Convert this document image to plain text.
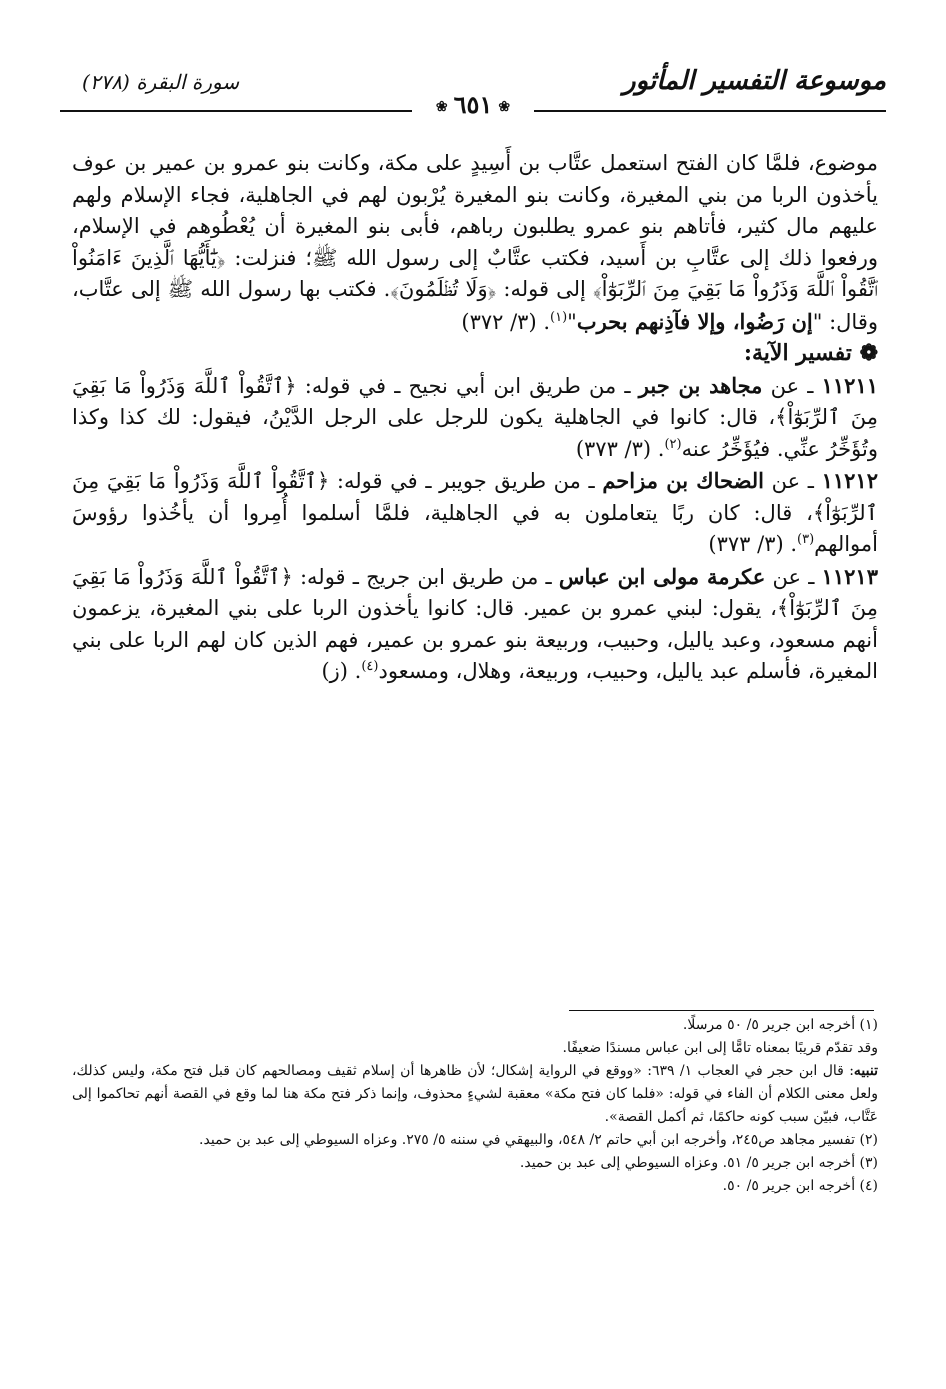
موسوعة التفسير المأثور
سورة البقرة (٢٧٨)
❀ ٦٥١ ❀

موضوع، فلمَّا كان الفتح استعمل عتَّاب بن أَسِيدٍ على مكة، وكانت بنو عمرو بن عمير بن عوف يأخذون الربا من بني المغيرة، وكانت بنو المغيرة يُرْبون لهم في الجاهلية، فجاء الإسلام ولهم عليهم مال كثير، فأتاهم بنو عمرو يطلبون رباهم، فأبى بنو المغيرة أن يُعْطُوهم في الإسلام، ورفعوا ذلك إلى عتَّابِ بن أَسيد، فكتب عتَّابٌ إلى رسول الله ﷺ؛ فنزلت: ﴿يَٰٓأَيُّهَا ٱلَّذِينَ ءَامَنُواْ ٱتَّقُواْ ٱللَّهَ وَذَرُواْ مَا بَقِيَ مِنَ ٱلرِّبَوٰٓاْ﴾ إلى قوله: ﴿وَلَا تُظۡلَمُونَ﴾. فكتب بها رسول الله ﷺ إلى عتَّاب، وقال: "إن رَضُوا، وإلا فآذِنهم بحرب"$^{(١)}$. (٣/ ٣٧٢)

❁ تفسير الآية:

١١٢١١ ـ عن مجاهد بن جبر ـ من طريق ابن أبي نجيح ـ في قوله: ﴿ٱتَّقُواْ ٱللَّهَ وَذَرُواْ مَا بَقِيَ مِنَ ٱلرِّبَوٰٓاْ﴾، قال: كانوا في الجاهلية يكون للرجل على الرجل الدَّيْنُ، فيقول: لك كذا وكذا وتُؤَخِّرُ عنِّي. فيُؤَخِّرُ عنه$^{(٢)}$. (٣/ ٣٧٣)

١١٢١٢ ـ عن الضحاك بن مزاحم ـ من طريق جويبر ـ في قوله: ﴿ٱتَّقُواْ ٱللَّهَ وَذَرُواْ مَا بَقِيَ مِنَ ٱلرِّبَوٰٓاْ﴾، قال: كان ربًا يتعاملون به في الجاهلية، فلمَّا أسلموا أُمِروا أن يأخُذوا رؤوسَ أموالهم$^{(٣)}$. (٣/ ٣٧٣)

١١٢١٣ ـ عن عكرمة مولى ابن عباس ـ من طريق ابن جريج ـ قوله: ﴿ٱتَّقُواْ ٱللَّهَ وَذَرُواْ مَا بَقِيَ مِنَ ٱلرِّبَوٰٓاْ﴾، يقول: لبني عمرو بن عمير. قال: كانوا يأخذون الربا على بني المغيرة، يزعمون أنهم مسعود، وعبد ياليل، وحبيب، وربيعة بنو عمرو بن عمير، فهم الذين كان لهم الربا على بني المغيرة، فأسلم عبد ياليل، وحبيب، وربيعة، وهلال، ومسعود$^{(٤)}$. (ز)

(١) أخرجه ابن جرير ٥/ ٥٠ مرسلًا.

وقد تقدّم قريبًا بمعناه تامًّا إلى ابن عباس مسندًا ضعيفًا.

تنبيه: قال ابن حجر في العجاب ١/ ٦٣٩: «ووقع في الرواية إشكال؛ لأن ظاهرها أن إسلام ثقيف ومصالحهم كان قبل فتح مكة، وليس كذلك، ولعل معنى الكلام أن الفاء في قوله: «فلما كان فتح مكة» معقبة لشيءٍ محذوف، وإنما ذكر فتح مكة هنا لما وقع في القصة أنهم تحاكموا إلى عَتَّاب، فبيّن سبب كونه حاكمًا، ثم أكمل القصة».

(٢) تفسير مجاهد ص٢٤٥، وأخرجه ابن أبي حاتم ٢/ ٥٤٨، والبيهقي في سننه ٥/ ٢٧٥. وعزاه السيوطي إلى عبد بن حميد.

(٣) أخرجه ابن جرير ٥/ ٥١. وعزاه السيوطي إلى عبد بن حميد.

(٤) أخرجه ابن جرير ٥/ ٥٠.
